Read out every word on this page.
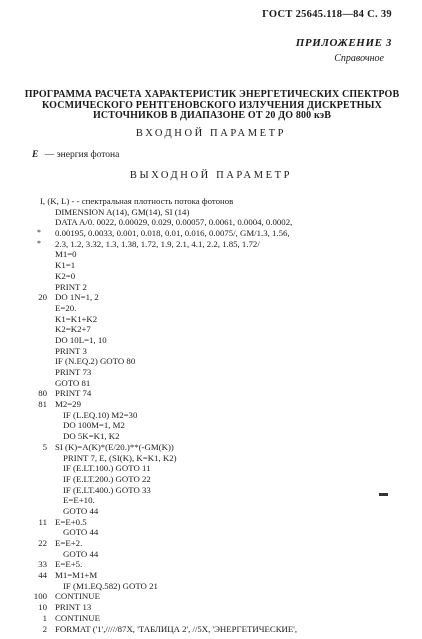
ГОСТ 25645.118—84 С. 39
ПРИЛОЖЕНИЕ 3
Справочное
ПРОГРАММА РАСЧЕТА ХАРАКТЕРИСТИК ЭНЕРГЕТИЧЕСКИХ СПЕКТРОВ
КОСМИЧЕСКОГО РЕНТГЕНОВСКОГО ИЗЛУЧЕНИЯ ДИСКРЕТНЫХ
ИСТОЧНИКОВ В ДИАПАЗОНЕ ОТ 20 ДО 800 кэВ
ВХОДНОЙ ПАРАМЕТР
E — энергия фотона
ВЫХОДНОЙ ПАРАМЕТР
I, (K, L) - - спектральная плотность потока фотонов
DIMENSION A(14), GM(14), SI (14)
DATA A/0. 0022, 0.00029, 0.029, 0.00057, 0.0061, 0.0004, 0.0002,
* 0.00195, 0.0033, 0.001, 0.018, 0.01, 0.016, 0.0075/, GM/1.3, 1.56,
* 2.3, 1.2, 3.32, 1.3, 1.38, 1.72, 1.9, 2.1, 4.1, 2.2, 1.85, 1.72/
M1=0
K1=1
K2=0
PRINT 2
20 DO 1N=1, 2
E=20.
K1=K1+K2
K2=K2+7
DO 10L=1, 10
PRINT 3
IF (N.EQ.2) GOTO 80
PRINT 73
GOTO 81
80 PRINT 74
81 M2=29
IF (L.EQ.10) M2=30
DO 100M=1, M2
DO 5K=K1, K2
5 SI (K)=A(K)*(E/20.)**(-GM(K))
PRINT 7, E, (SI(K), K=K1, K2)
IF (E.LT.100.) GOTO 11
IF (E.LT.200.) GOTO 22
IF (E.LT.400.) GOTO 33
E=E+10.
GOTO 44
11 E=E+0.5
GOTO 44
22 E=E+2.
GOTO 44
33 E=E+5.
44 M1=M1+M
IF (M1.EQ.582) GOTO 21
100 CONTINUE
10 PRINT 13
1 CONTINUE
2 FORMAT ('1',/////87X, 'ТАБЛИЦА 2', //5X, 'ЭНЕРГЕТИЧЕСКИЕ',
